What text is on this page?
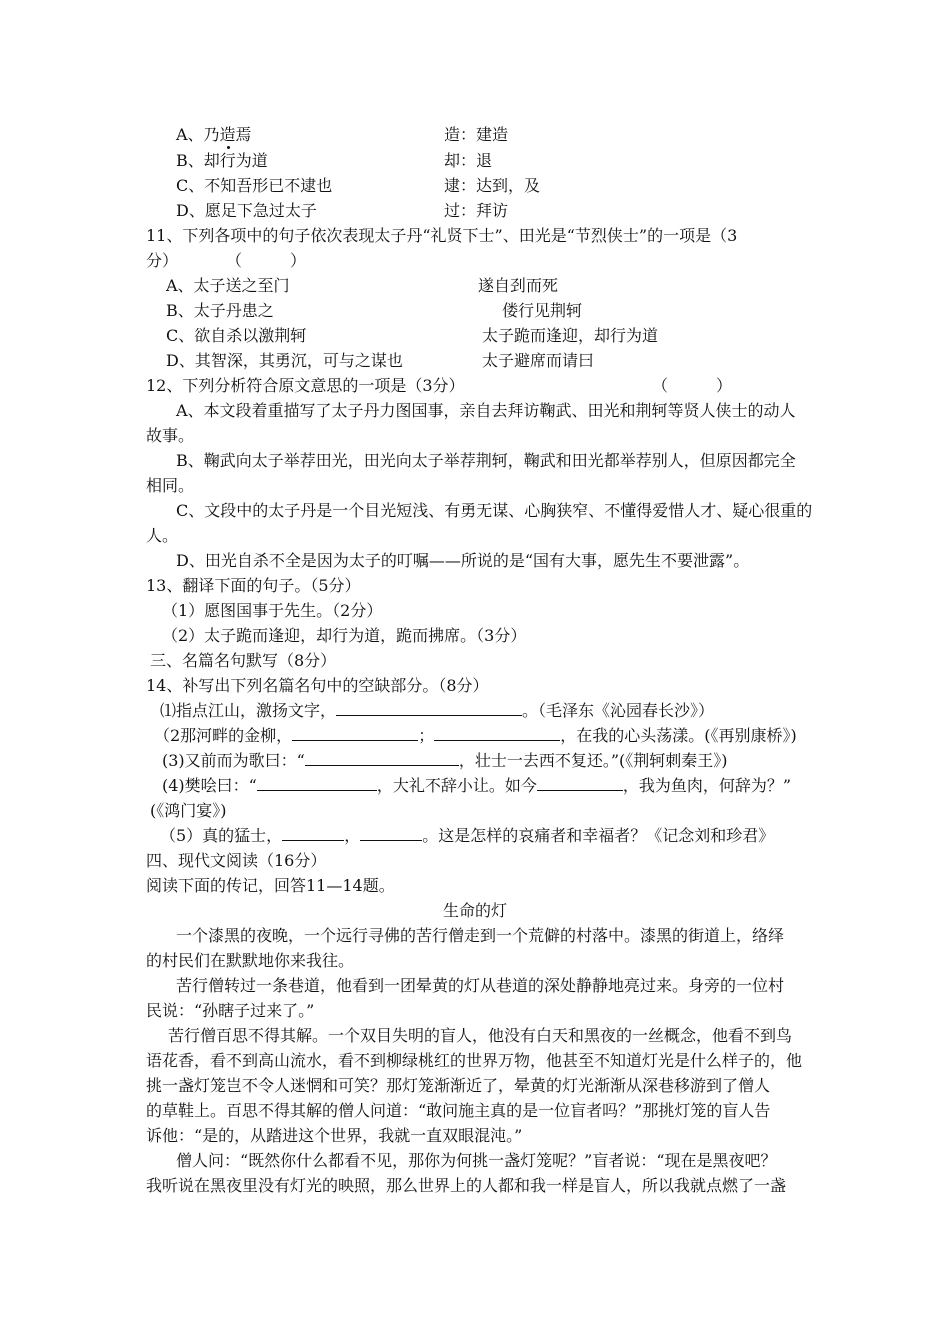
A、乃造焉	造：建造
B、却行为道	却：退
C、不知吾形已不逮也	逮：达到，及
D、愿足下急过太子	过：拜访
11、下列各项中的句子依次表现太子丹“礼贤下士”、田光是“节烈侠士”的一项是（3
分）	（　　　）
A、太子送之至门	遂自刭而死
B、太子丹患之	偻行见荆轲
C、欲自杀以激荆轲	太子跪而逢迎，却行为道
D、其智深，其勇沉，可与之谋也	太子避席而请曰
12、下列分析符合原文意思的一项是（3分）	（　　　）
A、本文段着重描写了太子丹力图国事，亲自去拜访鞠武、田光和荆轲等贤人侠士的动人
故事。
B、鞠武向太子举荐田光，田光向太子举荐荆轲，鞠武和田光都举荐别人，但原因都完全
相同。
C、文段中的太子丹是一个目光短浅、有勇无谋、心胸狭窄、不懂得爱惜人才、疑心很重的
人。
D、田光自杀不全是因为太子的叮嘱——所说的是“国有大事，愿先生不要泄露”。
13、翻译下面的句子。（5分）
（1）愿图国事于先生。（2分）
（2）太子跪而逢迎，却行为道，跪而拂席。（3分）
三、名篇名句默写（8分）
14、补写出下列名篇名句中的空缺部分。（8分）
⑴指点江山，激扬文字，	。（毛泽东《沁园春长沙》）
（2那河畔的金柳，	；	，在我的心头荡漾。(《再别康桥》)
(3)又前而为歌曰：“	，壮士一去西不复还。”(《荆轲刺秦王》)
(4)樊哙曰：“	，大礼不辞小让。如今	，我为鱼肉，何辞为？”
(《鸿门宴》)
（5）真的猛士，	，	。这是怎样的哀痛者和幸福者？《记念刘和珍君》
四、现代文阅读（16分）
阅读下面的传记，回答11—14题。
生命的灯
一个漆黑的夜晚，一个远行寻佛的苦行僧走到一个荒僻的村落中。漆黑的街道上，络绎
的村民们在默默地你来我往。
苦行僧转过一条巷道，他看到一团晕黄的灯从巷道的深处静静地亮过来。身旁的一位村
民说：“孙瞎子过来了。”
苦行僧百思不得其解。一个双目失明的盲人，他没有白天和黑夜的一丝概念，他看不到鸟
语花香，看不到高山流水，看不到柳绿桃红的世界万物，他甚至不知道灯光是什么样子的，他
挑一盏灯笼岂不令人迷惘和可笑？那灯笼渐渐近了，晕黄的灯光渐渐从深巷移游到了僧人
的草鞋上。百思不得其解的僧人问道：“敢问施主真的是一位盲者吗？”那挑灯笼的盲人告
诉他：“是的，从踏进这个世界，我就一直双眼混沌。”
僧人问：“既然你什么都看不见，那你为何挑一盏灯笼呢？”盲者说：“现在是黑夜吧？
我听说在黑夜里没有灯光的映照，那么世界上的人都和我一样是盲人，所以我就点燃了一盏
